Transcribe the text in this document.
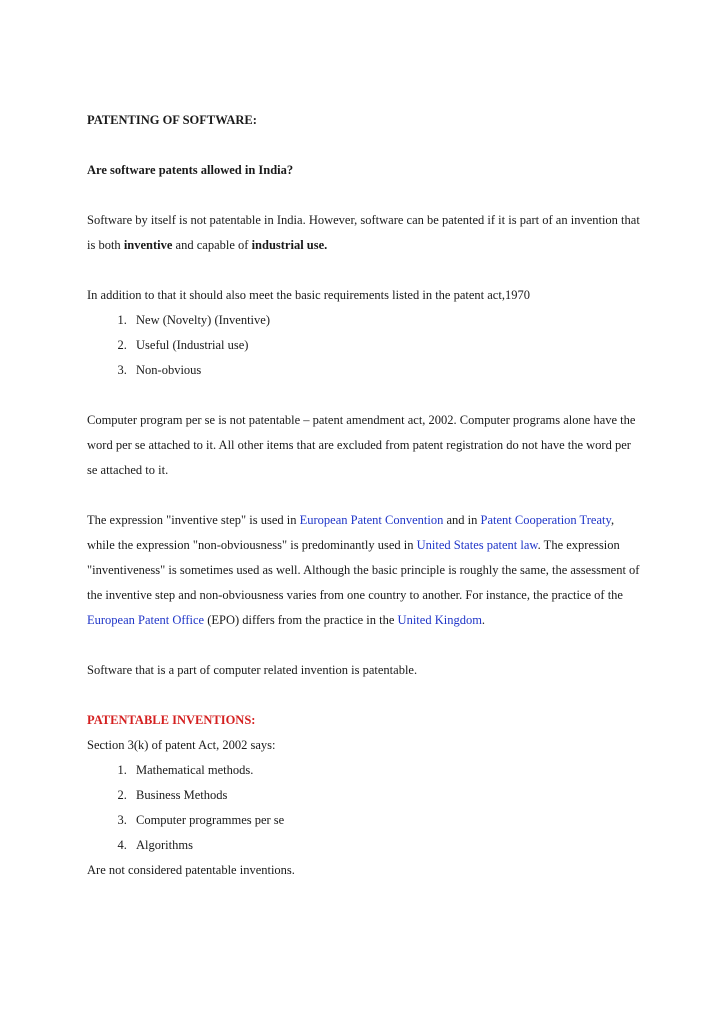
PATENTING OF SOFTWARE:

Are software patents allowed in India?

Software by itself is not patentable in India. However, software can be patented if it is part of an invention that is both inventive and capable of industrial use.

In addition to that it should also meet the basic requirements listed in the patent act,1970

1. New (Novelty) (Inventive)
2. Useful (Industrial use)
3. Non-obvious

Computer program per se is not patentable – patent amendment act, 2002. Computer programs alone have the word per se attached to it. All other items that are excluded from patent registration do not have the word per se attached to it.

The expression "inventive step" is used in European Patent Convention and in Patent Cooperation Treaty, while the expression "non-obviousness" is predominantly used in United States patent law. The expression "inventiveness" is sometimes used as well. Although the basic principle is roughly the same, the assessment of the inventive step and non-obviousness varies from one country to another. For instance, the practice of the European Patent Office (EPO) differs from the practice in the United Kingdom.

Software that is a part of computer related invention is patentable.

PATENTABLE INVENTIONS:

Section 3(k) of patent Act, 2002 says:

1. Mathematical methods.
2. Business Methods
3. Computer programmes per se
4. Algorithms

Are not considered patentable inventions.
